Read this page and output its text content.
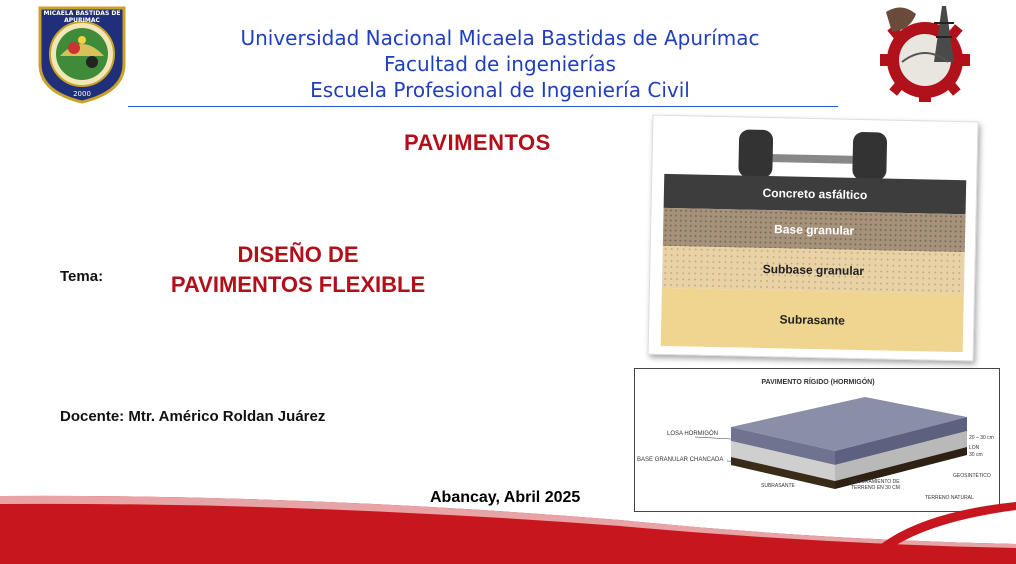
MICAELA BASTIDAS DE APURIMAC
2000
Universidad Nacional Micaela Bastidas de Apurímac
Facultad de ingenierías
Escuela Profesional de Ingeniería Civil
PAVIMENTOS
Tema:
DISEÑO DE
PAVIMENTOS FLEXIBLE
Docente: Mtr. Américo Roldan Juárez
Concreto asfáltico
Base granular
Subbase granular
Subrasante
PAVIMENTO RÍGIDO (HORMIGÓN)
LOSA HORMIGÓN
BASE GRANULAR CHANCADA
SUBRASANTE
MEJORAMIENTO DE TERRENO EN 30 CM
20 – 30 cm
LON
30 cm
GEOSINTÉTICO
TERRENO NATURAL
Abancay, Abril 2025
